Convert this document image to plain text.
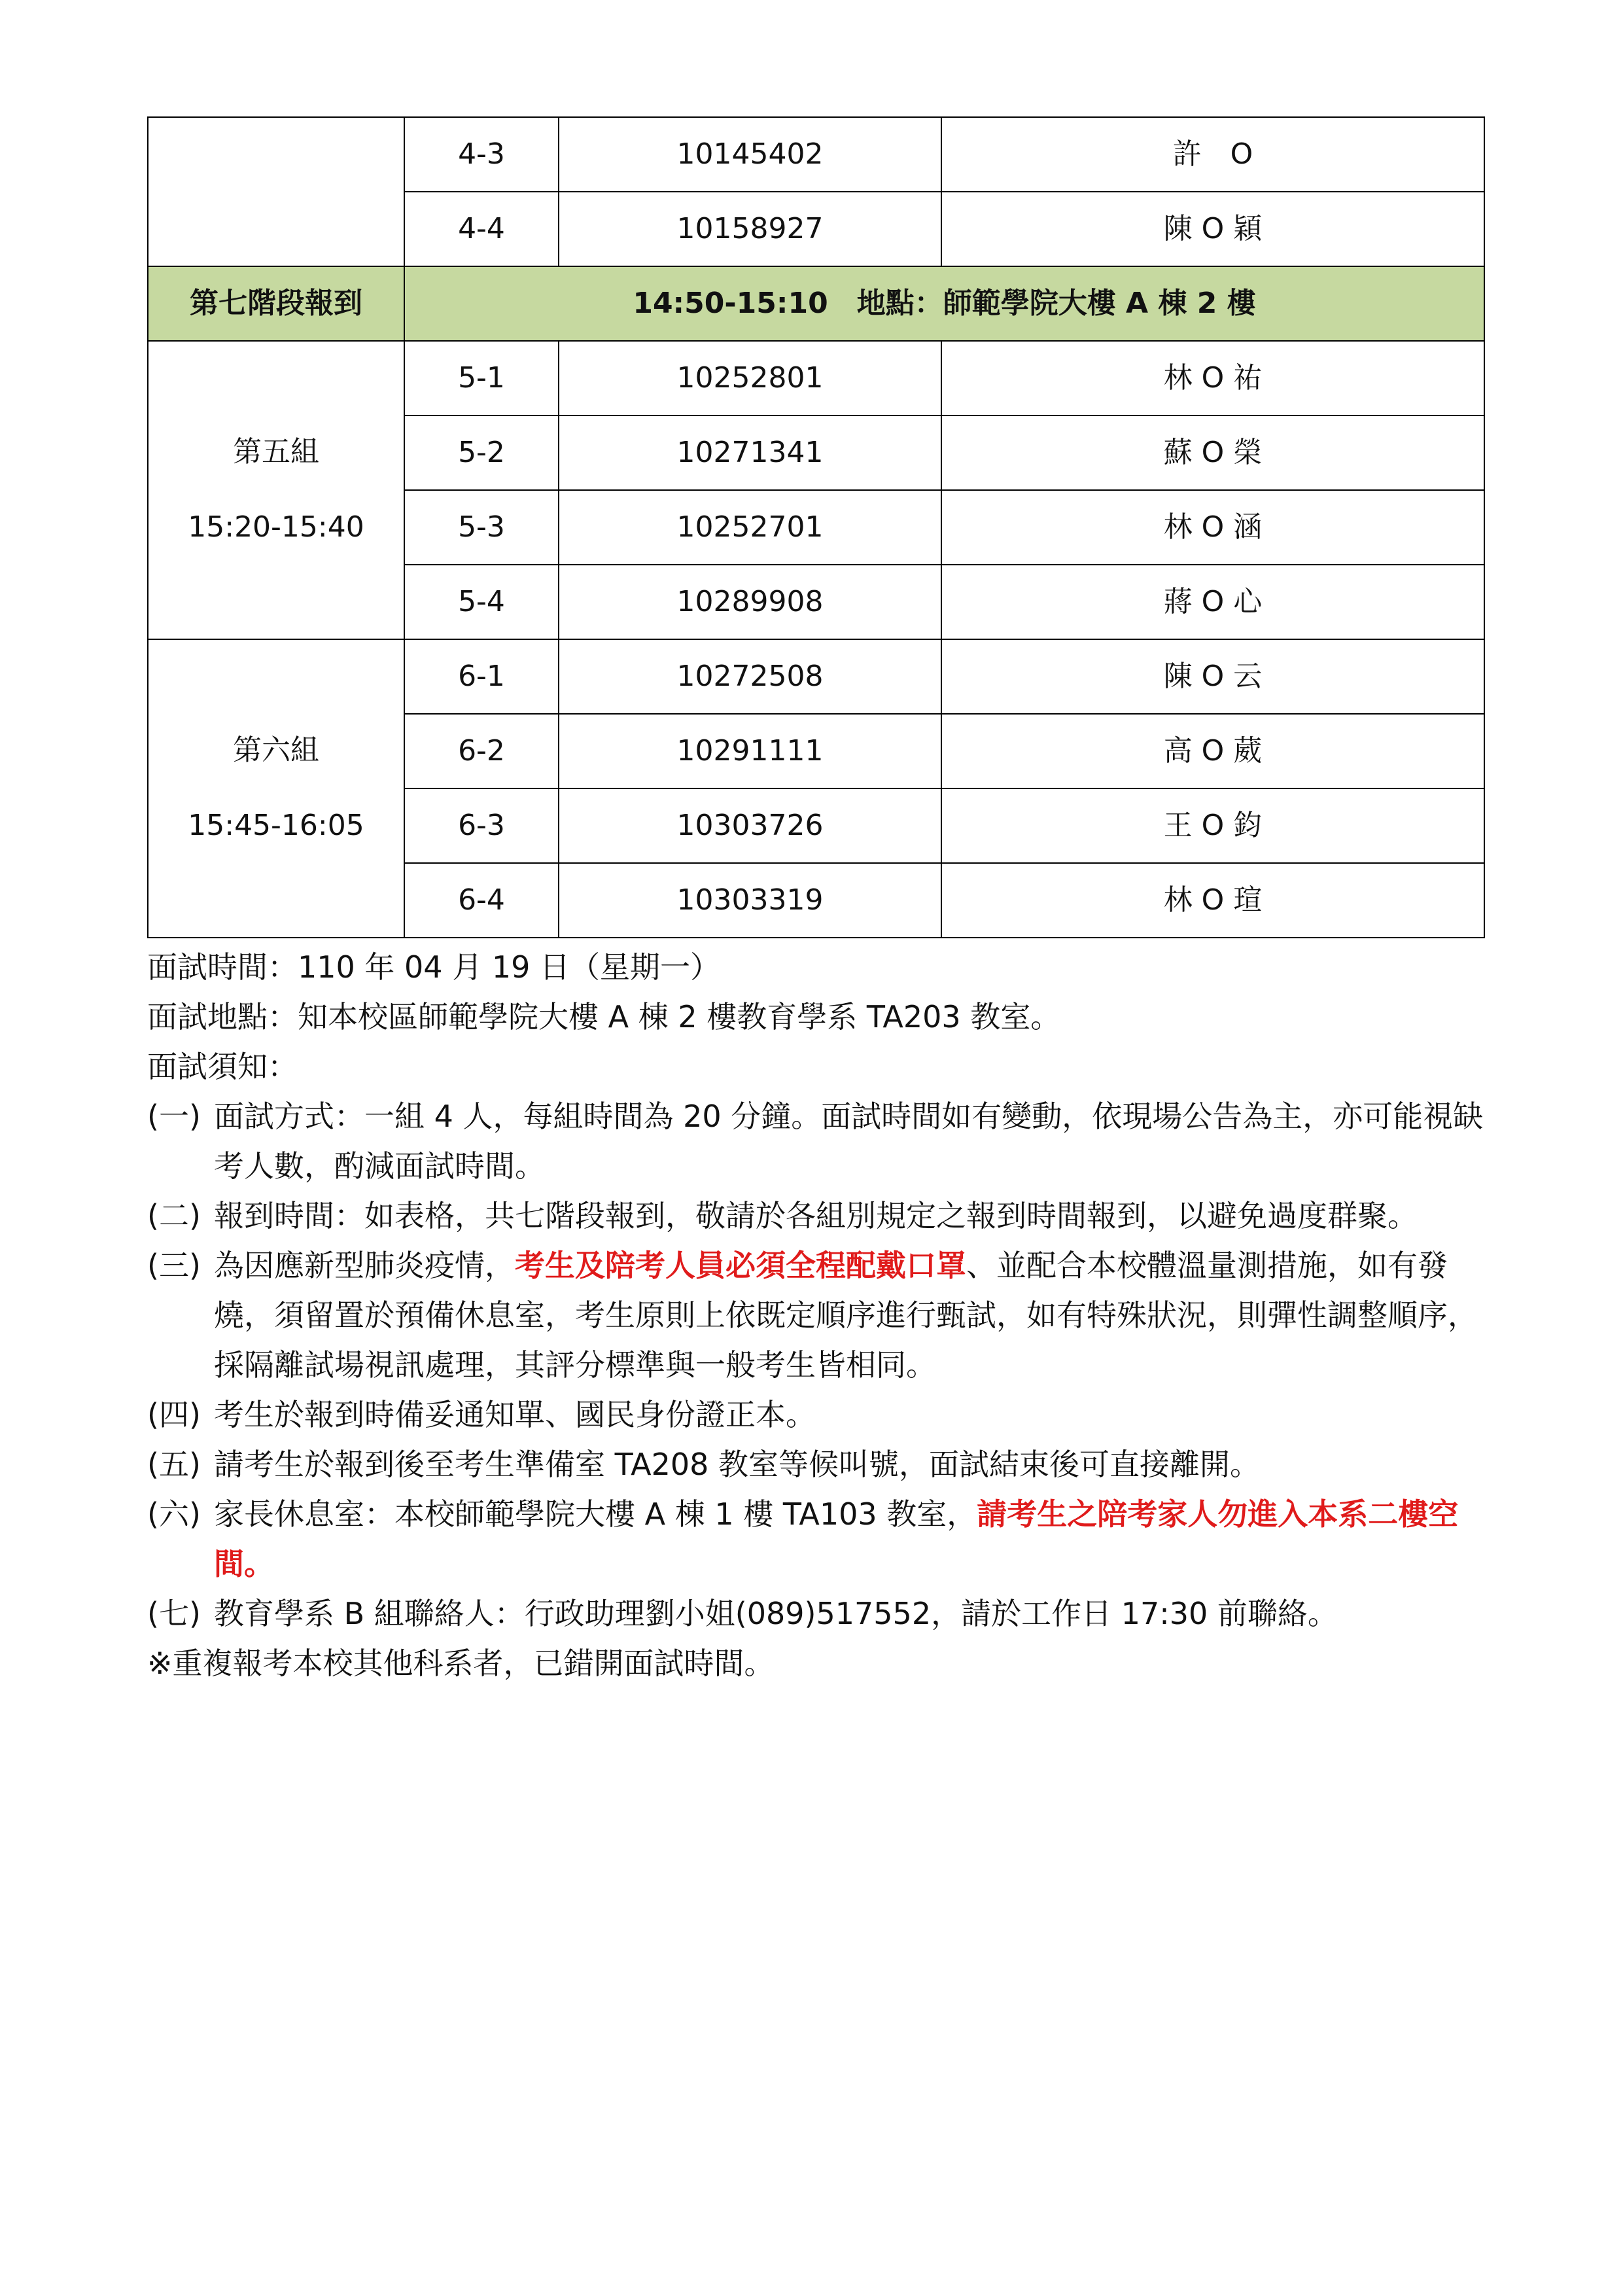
	4-3	10145402	許　O
	4-4	10158927	陳 O 穎
第七階段報到	14:50-15:10　地點：師範學院大樓 A 棟 2 樓		

第五組
15:20-15:40	5-1	10252801	林 O 祐
	5-2	10271341	蘇 O 榮
	5-3	10252701	林 O 涵
	5-4	10289908	蔣 O 心

第六組
15:45-16:05	6-1	10272508	陳 O 云
	6-2	10291111	高 O 葳
	6-3	10303726	王 O 鈞
	6-4	10303319	林 O 瑄

面試時間：110 年 04 月 19 日（星期一）

面試地點：知本校區師範學院大樓 A 棟 2 樓教育學系 TA203 教室。

面試須知：

(一) 面試方式：一組 4 人，每組時間為 20 分鐘。面試時間如有變動，依現場公告為主，亦可能視缺考人數，酌減面試時間。
(二) 報到時間：如表格，共七階段報到，敬請於各組別規定之報到時間報到，以避免過度群聚。
(三) 為因應新型肺炎疫情，考生及陪考人員必須全程配戴口罩、並配合本校體溫量測措施，如有發燒，須留置於預備休息室，考生原則上依既定順序進行甄試，如有特殊狀況，則彈性調整順序，採隔離試場視訊處理，其評分標準與一般考生皆相同。
(四) 考生於報到時備妥通知單、國民身份證正本。
(五) 請考生於報到後至考生準備室 TA208 教室等候叫號，面試結束後可直接離開。
(六) 家長休息室：本校師範學院大樓 A 棟 1 樓 TA103 教室，請考生之陪考家人勿進入本系二樓空間。
(七) 教育學系 B 組聯絡人：行政助理劉小姐(089)517552，請於工作日 17:30 前聯絡。

※重複報考本校其他科系者，已錯開面試時間。
